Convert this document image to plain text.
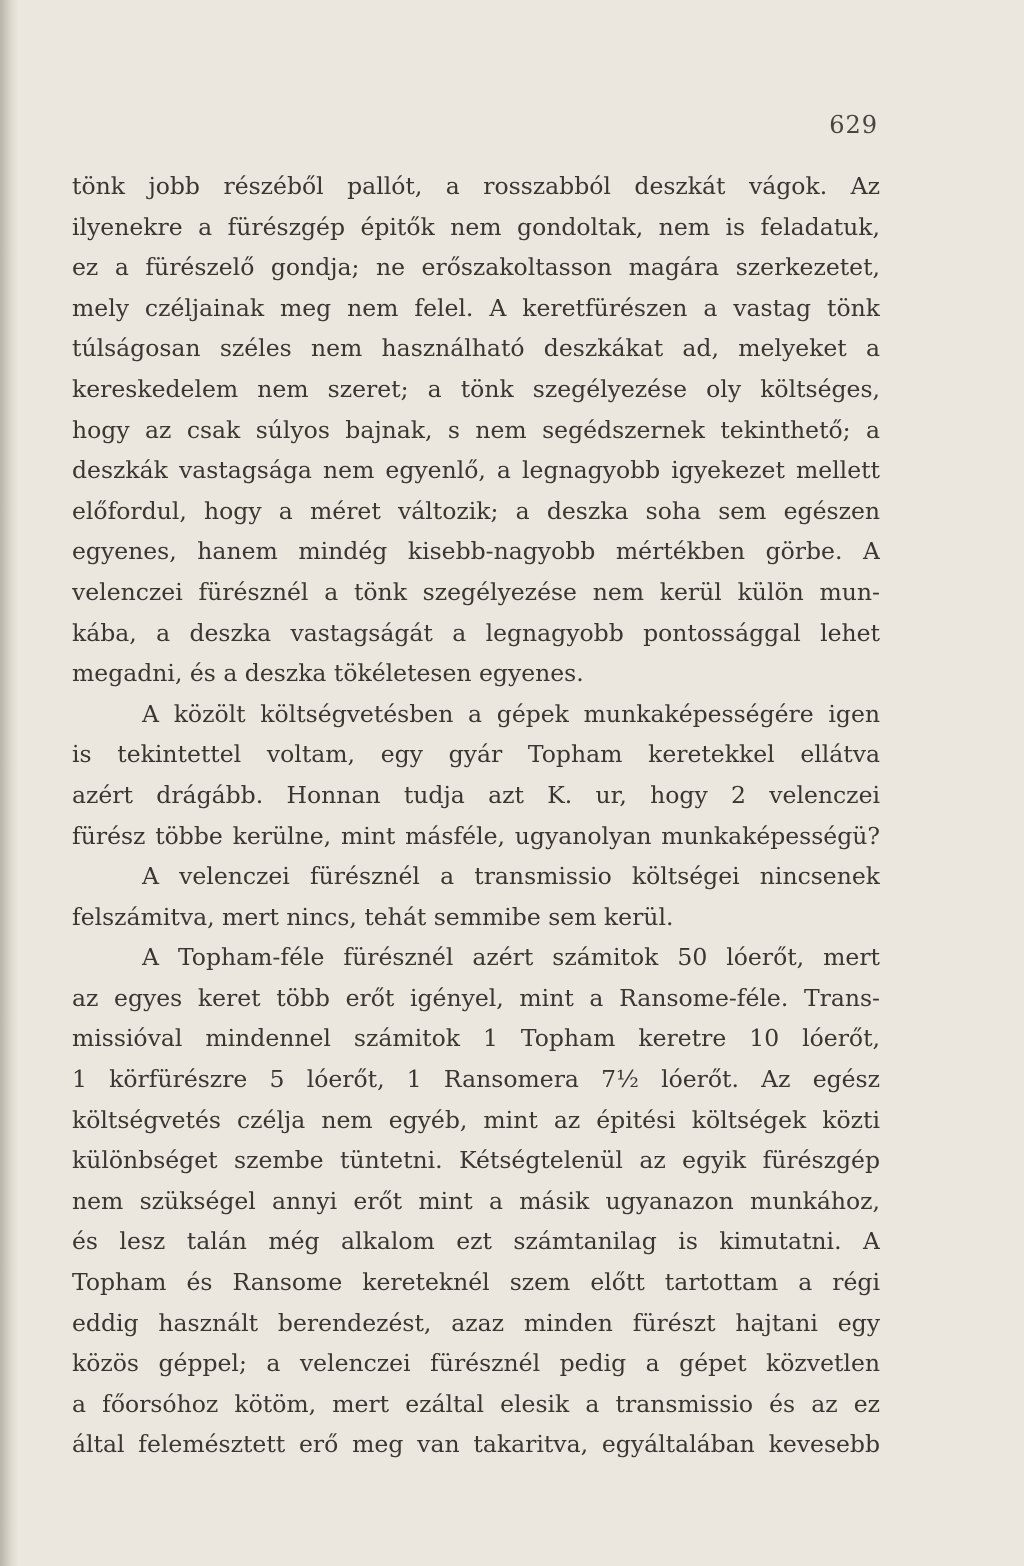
629
tönk jobb részéből pallót, a rosszabból deszkát vágok. Az
ilyenekre a fürészgép épitők nem gondoltak, nem is feladatuk,
ez a fürészelő gondja; ne erőszakoltasson magára szerkezetet,
mely czéljainak meg nem felel. A keretfürészen a vastag tönk
túlságosan széles nem használható deszkákat ad, melyeket a
kereskedelem nem szeret; a tönk szegélyezése oly költséges,
hogy az csak súlyos bajnak, s nem segédszernek tekinthető; a
deszkák vastagsága nem egyenlő, a legnagyobb igyekezet mellett
előfordul, hogy a méret változik; a deszka soha sem egészen
egyenes, hanem mindég kisebb-nagyobb mértékben görbe. A
velenczei fürésznél a tönk szegélyezése nem kerül külön mun-
kába, a deszka vastagságát a legnagyobb pontossággal lehet
megadni, és a deszka tökéletesen egyenes.
A közölt költségvetésben a gépek munkaképességére igen
is tekintettel voltam, egy gyár Topham keretekkel ellátva
azért drágább. Honnan tudja azt K. ur, hogy 2 velenczei
fürész többe kerülne, mint másféle, ugyanolyan munkaképességü?
A velenczei fürésznél a transmissio költségei nincsenek
felszámitva, mert nincs, tehát semmibe sem kerül.
A Topham-féle fürésznél azért számitok 50 lóerőt, mert
az egyes keret több erőt igényel, mint a Ransome-féle. Trans-
missióval mindennel számitok 1 Topham keretre 10 lóerőt,
1 körfürészre 5 lóerőt, 1 Ransomera 7½ lóerőt. Az egész
költségvetés czélja nem egyéb, mint az épitési költségek közti
különbséget szembe tüntetni. Kétségtelenül az egyik fürészgép
nem szükségel annyi erőt mint a másik ugyanazon munkához,
és lesz talán még alkalom ezt számtanilag is kimutatni. A
Topham és Ransome kereteknél szem előtt tartottam a régi
eddig használt berendezést, azaz minden fürészt hajtani egy
közös géppel; a velenczei fürésznél pedig a gépet közvetlen
a főorsóhoz kötöm, mert ezáltal elesik a transmissio és az ez
által felemésztett erő meg van takaritva, egyáltalában kevesebb
